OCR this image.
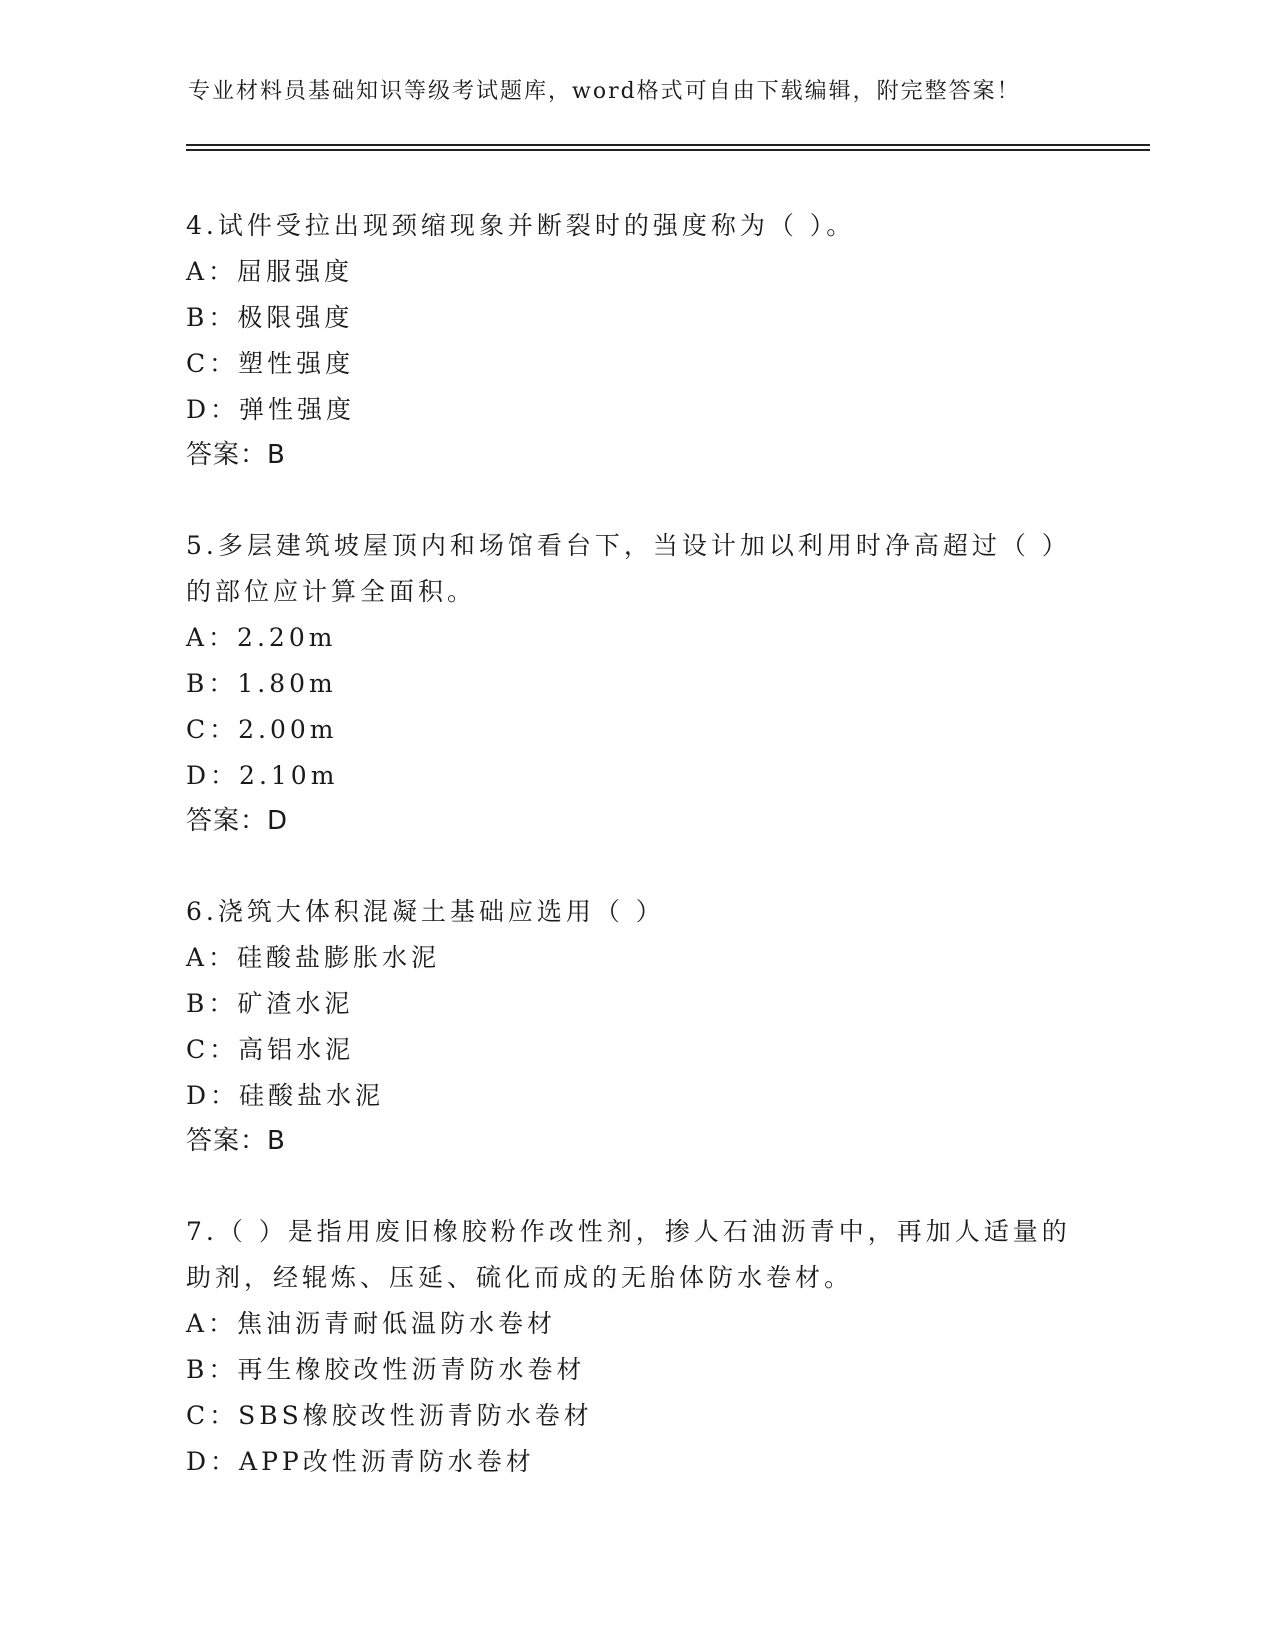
专业材料员基础知识等级考试题库，word格式可自由下载编辑，附完整答案！
4.试件受拉出现颈缩现象并断裂时的强度称为（ ）。
A：屈服强度
B：极限强度
C：塑性强度
D：弹性强度
答案：B
5.多层建筑坡屋顶内和场馆看台下，当设计加以利用时净高超过（ ）
的部位应计算全面积。
A：2.20m
B：1.80m
C：2.00m
D：2.10m
答案：D
6.浇筑大体积混凝土基础应选用（ ）
A：硅酸盐膨胀水泥
B：矿渣水泥
C：高铝水泥
D：硅酸盐水泥
答案：B
7.（ ）是指用废旧橡胶粉作改性剂，掺人石油沥青中，再加人适量的
助剂，经辊炼、压延、硫化而成的无胎体防水卷材。
A：焦油沥青耐低温防水卷材
B：再生橡胶改性沥青防水卷材
C：SBS橡胶改性沥青防水卷材
D：APP改性沥青防水卷材
